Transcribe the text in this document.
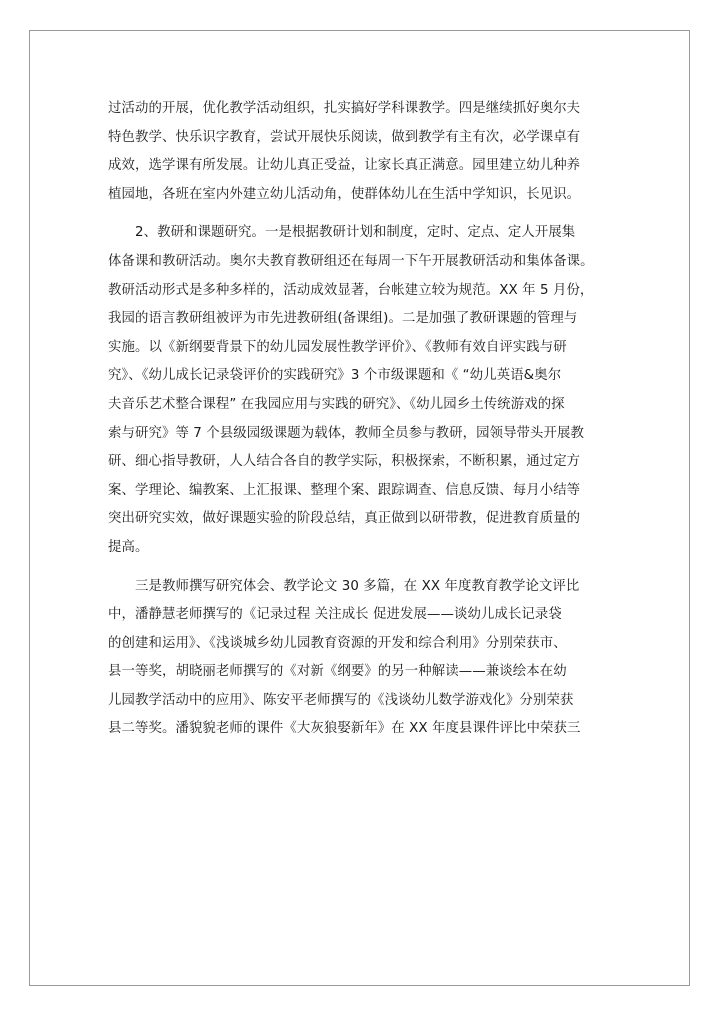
过活动的开展，优化教学活动组织，扎实搞好学科课教学。四是继续抓好奥尔夫
特色教学、快乐识字教育，尝试开展快乐阅读，做到教学有主有次，必学课卓有
成效，选学课有所发展。让幼儿真正受益，让家长真正满意。园里建立幼儿种养
植园地，各班在室内外建立幼儿活动角，使群体幼儿在生活中学知识，长见识。
　　2、教研和课题研究。一是根据教研计划和制度，定时、定点、定人开展集
体备课和教研活动。奥尔夫教育教研组还在每周一下午开展教研活动和集体备课。
教研活动形式是多种多样的，活动成效显著，台帐建立较为规范。XX 年 5 月份，
我园的语言教研组被评为市先进教研组(备课组)。二是加强了教研课题的管理与
实施。以《新纲要背景下的幼儿园发展性教学评价》、《教师有效自评实践与研
究》、《幼儿成长记录袋评价的实践研究》3 个市级课题和《 “幼儿英语&奥尔
夫音乐艺术整合课程” 在我园应用与实践的研究》、《幼儿园乡土传统游戏的探
索与研究》等 7 个县级园级课题为载体，教师全员参与教研，园领导带头开展教
研、细心指导教研，人人结合各自的教学实际，积极探索，不断积累，通过定方
案、学理论、编教案、上汇报课、整理个案、跟踪调查、信息反馈、每月小结等
突出研究实效，做好课题实验的阶段总结，真正做到以研带教，促进教育质量的
提高。
　　三是教师撰写研究体会、教学论文 30 多篇，在 XX 年度教育教学论文评比
中，潘静慧老师撰写的《记录过程 关注成长 促进发展——谈幼儿成长记录袋
的创建和运用》、《浅谈城乡幼儿园教育资源的开发和综合利用》分别荣获市、
县一等奖，胡晓丽老师撰写的《对新《纲要》的另一种解读——兼谈绘本在幼
儿园教学活动中的应用》、陈安平老师撰写的《浅谈幼儿数学游戏化》分别荣获
县二等奖。潘貌貌老师的课件《大灰狼娶新年》在 XX 年度县课件评比中荣获三
